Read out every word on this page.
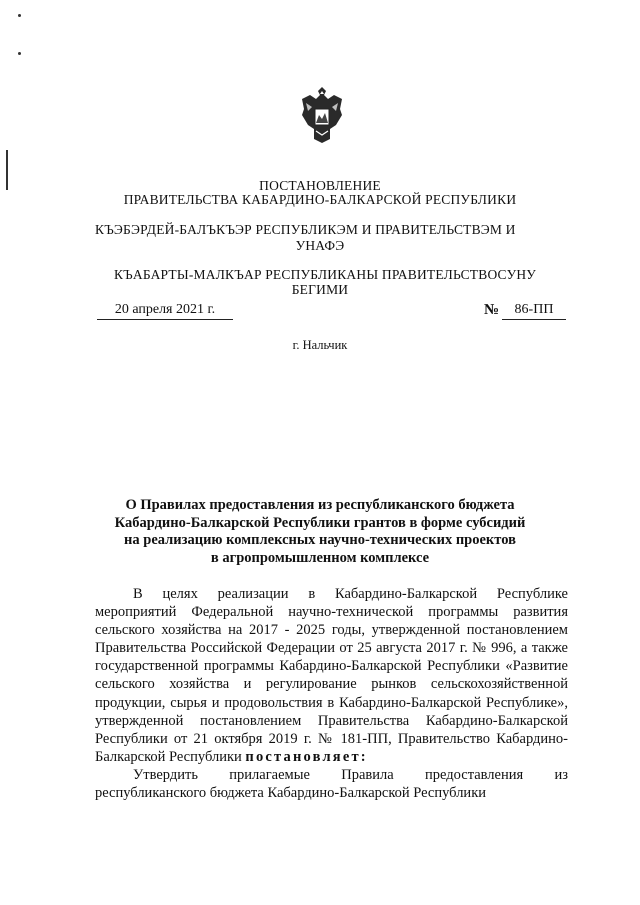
ПОСТАНОВЛЕНИЕ
ПРАВИТЕЛЬСТВА КАБАРДИНО-БАЛКАРСКОЙ РЕСПУБЛИКИ
КЪЭБЭРДЕЙ-БАЛЪКЪЭР РЕСПУБЛИКЭМ И ПРАВИТЕЛЬСТВЭМ И
УНАФЭ
КЪАБАРТЫ-МАЛКЪАР РЕСПУБЛИКАНЫ ПРАВИТЕЛЬСТВОСУНУ
БЕГИМИ
20 апреля 2021 г.	№	86-ПП
г. Нальчик
О Правилах предоставления из республиканского бюджета
Кабардино-Балкарской Республики грантов в форме субсидий
на реализацию комплексных научно-технических проектов
в агропромышленном комплексе

В целях реализации в Кабардино-Балкарской Республике мероприятий Федеральной научно-технической программы развития сельского хозяйства на 2017 - 2025 годы, утвержденной постановлением Правительства Российской Федерации от 25 августа 2017 г. № 996, а также государственной программы Кабардино-Балкарской Республики «Развитие сельского хозяйства и регулирование рынков сельскохозяйственной продукции, сырья и продовольствия в Кабардино-Балкарской Республике», утвержденной постановлением Правительства Кабардино-Балкарской Республики от 21 октября 2019 г. № 181-ПП, Правительство Кабардино-Балкарской Республики постановляет:

Утвердить прилагаемые Правила предоставления из республиканского бюджета Кабардино-Балкарской Республики
